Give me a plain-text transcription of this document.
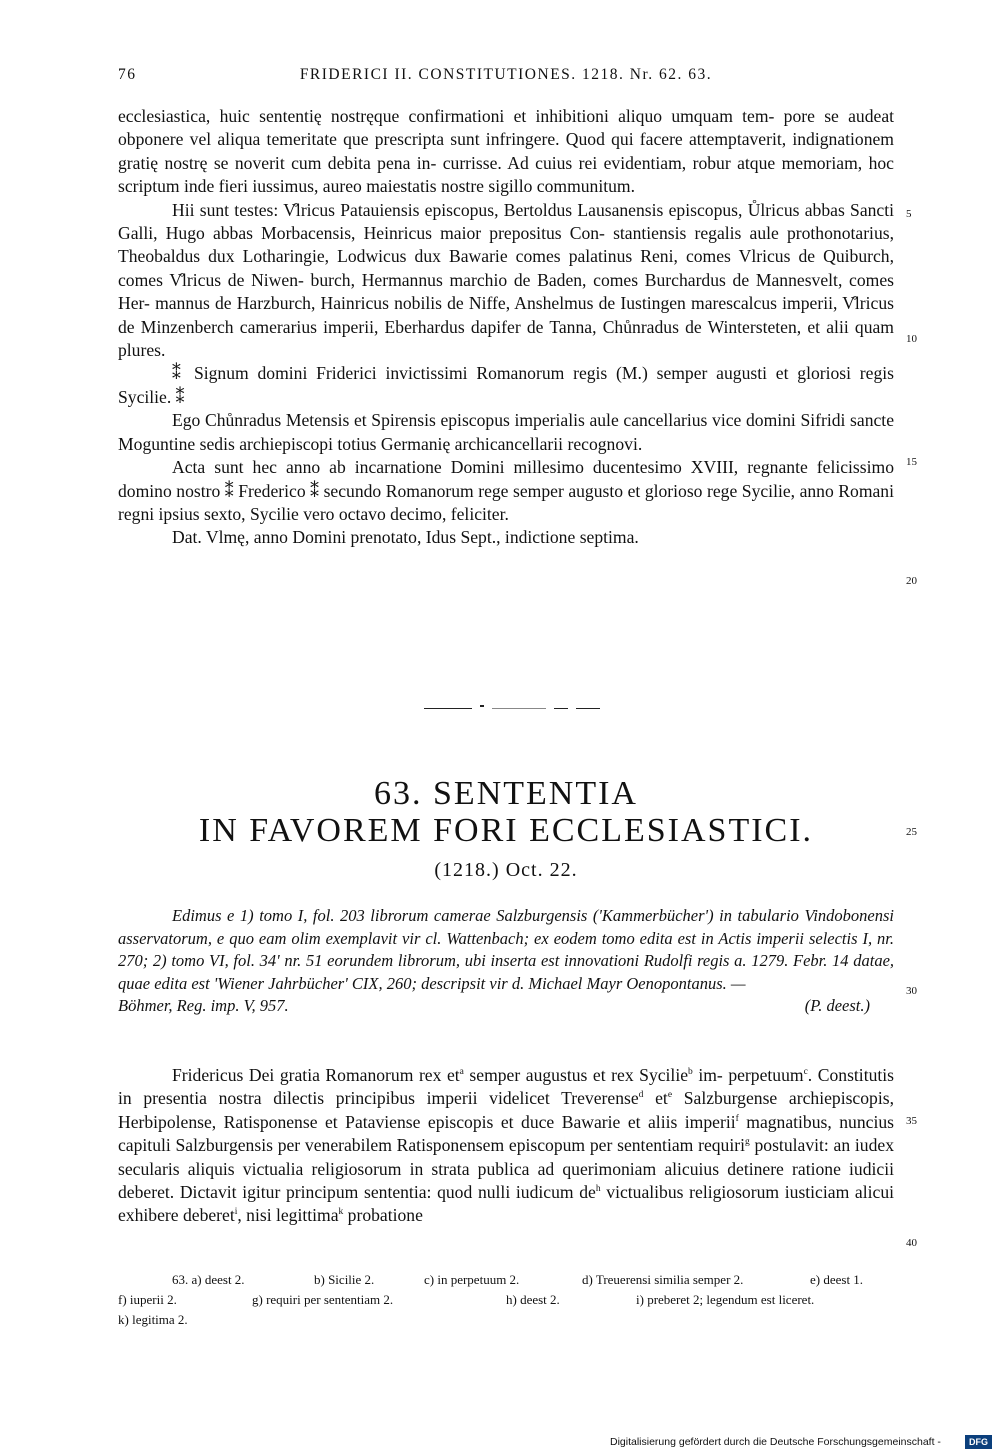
76	FRIDERICI II. CONSTITUTIONES. 1218. Nr. 62. 63.

ecclesiastica, huic sententię nostręque confirmationi et inhibitioni aliquo umquam tem- pore se audeat obponere vel aliqua temeritate que prescripta sunt infringere. Quod qui facere attemptaverit, indignationem gratię nostrę se noverit cum debita pena in- currisse. Ad cuius rei evidentiam, robur atque memoriam, hoc scriptum inde fieri iussimus, aureo maiestatis nostre sigillo communitum.

Hii sunt testes: V̊lricus Patauiensis episcopus, Bertoldus Lausanensis episcopus, Ůlricus abbas Sancti Galli, Hugo abbas Morbacensis, Heinricus maior prepositus Con- stantiensis regalis aule prothonotarius, Theobaldus dux Lotharingie, Lodwicus dux Bawarie comes palatinus Reni, comes Vlricus de Quiburch, comes V̊lricus de Niwen- burch, Hermannus marchio de Baden, comes Burchardus de Mannesvelt, comes Her- mannus de Harzburch, Hainricus nobilis de Niffe, Anshelmus de Iustingen marescalcus imperii, V̊lricus de Minzenberch camerarius imperii, Eberhardus dapifer de Tanna, Chůnradus de Wintersteten, et alii quam plures.

⁑ Signum domini Friderici invictissimi Romanorum regis (M.) semper augusti et gloriosi regis Sycilie. ⁑

Ego Chůnradus Metensis et Spirensis episcopus imperialis aule cancellarius vice domini Sifridi sancte Moguntine sedis archiepiscopi totius Germanię archicancellarii recognovi.

Acta sunt hec anno ab incarnatione Domini millesimo ducentesimo XVIII, regnante felicissimo domino nostro ⁑ Frederico ⁑ secundo Romanorum rege semper augusto et glorioso rege Sycilie, anno Romani regni ipsius sexto, Sycilie vero octavo decimo, feliciter.

Dat. Vlmę, anno Domini prenotato, Idus Sept., indictione septima.

5
10
15
20
25
30
35
40
63. SENTENTIA
IN FAVOREM FORI ECCLESIASTICI.
(1218.) Oct. 22.

Edimus e 1) tomo I, fol. 203 librorum camerae Salzburgensis ('Kammerbücher') in tabulario Vindobonensi asservatorum, e quo eam olim exemplavit vir cl. Wattenbach; ex eodem tomo edita est in Actis imperii selectis I, nr. 270; 2) tomo VI, fol. 34' nr. 51 eorundem librorum, ubi inserta est innovationi Rudolfi regis a. 1279. Febr. 14 datae, quae edita est 'Wiener Jahrbücher' CIX, 260; descripsit vir d. Michael Mayr Oenopontanus. —

Böhmer, Reg. imp. V, 957.	(P. deest.)

Fridericus Dei gratia Romanorum rex $et^a$ semper augustus et rex Sycilie$^b$ im- perpetuum$^c$. Constitutis in presentia nostra dilectis principibus imperii videlicet Treverense$^d$ $et^e$ Salzburgense archiepiscopis, Herbipolense, Ratisponense et Pataviense episcopis et duce Bawarie et aliis imperii$^f$ magnatibus, nuncius capituli Salzburgensis per venerabilem Ratisponensem episcopum per sententiam requiri$^g$ postulavit: an iudex secularis aliquis victualia religiosorum in strata publica ad querimoniam alicuius detinere ratione iudicii deberet. Dictavit igitur principum sententia: quod nulli iudicum $de^h$ victualibus religiosorum iusticiam alicui exhibere deberet$^i$, nisi legittima$^k$ probatione

63. a) deest 2.	b) Sicilie 2.	c) in perpetuum 2.	d) Treuerensi similia semper 2.	e) deest 1.
f) iuperii 2.	g) requiri per sententiam 2.	h) deest 2.	i) preberet 2; legendum est liceret.
k) legitima 2.
Digitalisierung gefördert durch die Deutsche Forschungsgemeinschaft -	DFG
